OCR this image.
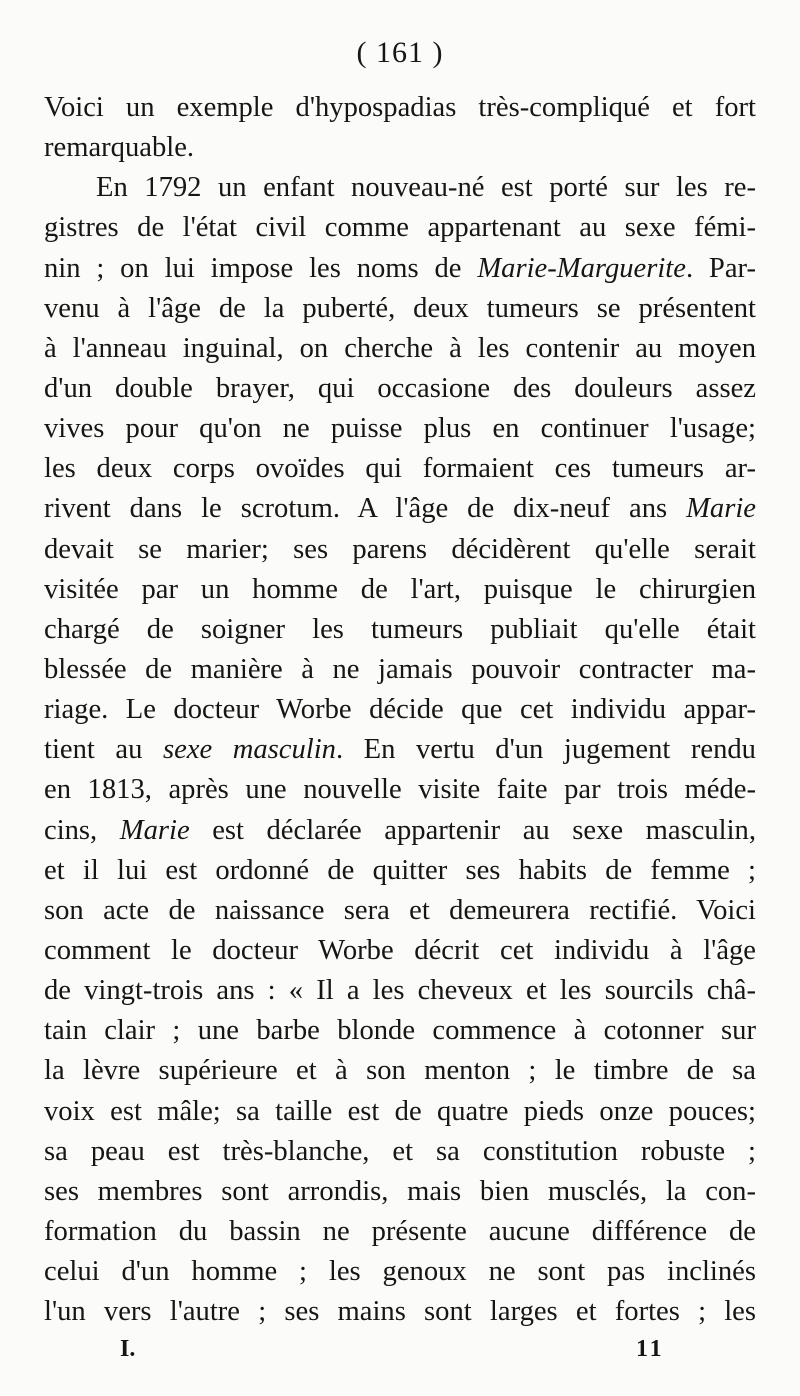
( 161 )
Voici un exemple d'hypospadias très-compliqué et fort
remarquable.
En 1792 un enfant nouveau-né est porté sur les re-
gistres de l'état civil comme appartenant au sexe fémi-
nin ; on lui impose les noms de Marie-Marguerite. Par-
venu à l'âge de la puberté, deux tumeurs se présentent
à l'anneau inguinal, on cherche à les contenir au moyen
d'un double brayer, qui occasione des douleurs assez
vives pour qu'on ne puisse plus en continuer l'usage;
les deux corps ovoïdes qui formaient ces tumeurs ar-
rivent dans le scrotum. A l'âge de dix-neuf ans Marie
devait se marier; ses parens décidèrent qu'elle serait
visitée par un homme de l'art, puisque le chirurgien
chargé de soigner les tumeurs publiait qu'elle était
blessée de manière à ne jamais pouvoir contracter ma-
riage. Le docteur Worbe décide que cet individu appar-
tient au sexe masculin. En vertu d'un jugement rendu
en 1813, après une nouvelle visite faite par trois méde-
cins, Marie est déclarée appartenir au sexe masculin,
et il lui est ordonné de quitter ses habits de femme ;
son acte de naissance sera et demeurera rectifié. Voici
comment le docteur Worbe décrit cet individu à l'âge
de vingt-trois ans : « Il a les cheveux et les sourcils châ-
tain clair ; une barbe blonde commence à cotonner sur
la lèvre supérieure et à son menton ; le timbre de sa
voix est mâle; sa taille est de quatre pieds onze pouces;
sa peau est très-blanche, et sa constitution robuste ;
ses membres sont arrondis, mais bien musclés, la con-
formation du bassin ne présente aucune différence de
celui d'un homme ; les genoux ne sont pas inclinés
l'un vers l'autre ; ses mains sont larges et fortes ; les
I.	11
